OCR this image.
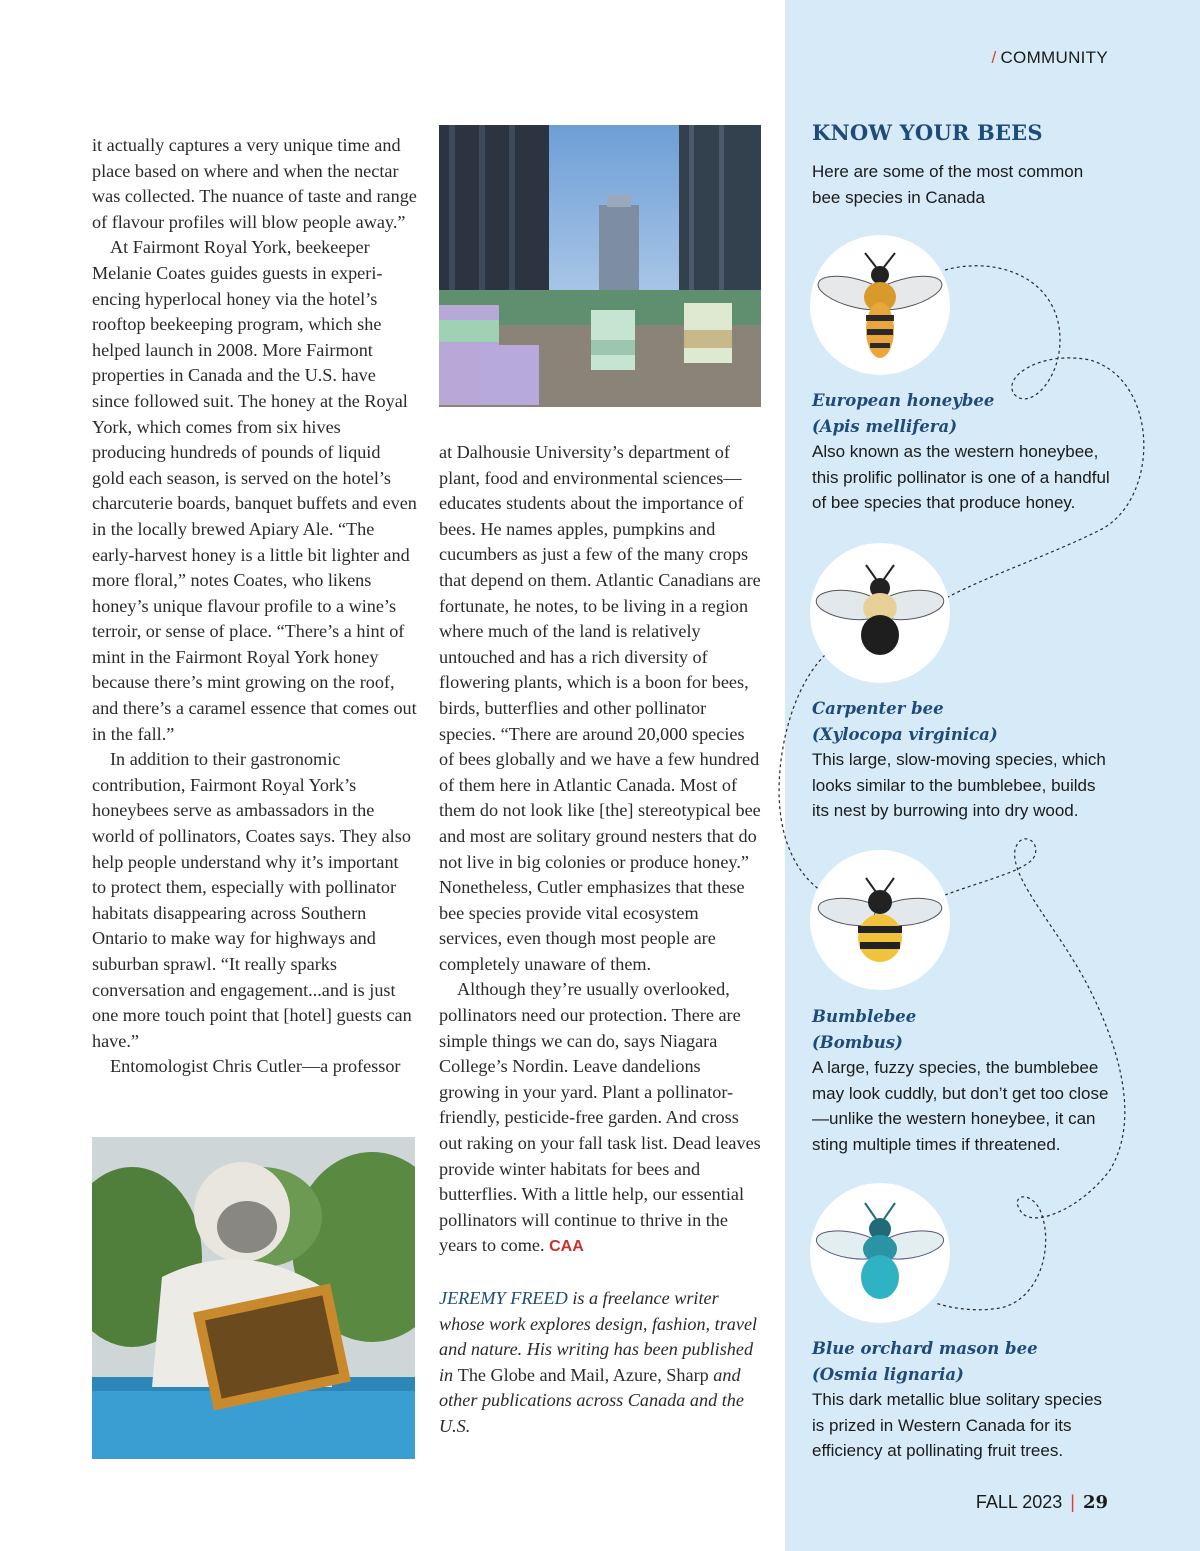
/ COMMUNITY

it actually captures a very unique time and place based on where and when the nectar was collected. The nuance of taste and range of flavour profiles will blow people away.”

At Fairmont Royal York, beekeeper Melanie Coates guides guests in experiencing hyperlocal honey via the hotel’s rooftop beekeeping program, which she helped launch in 2008. More Fairmont properties in Canada and the U.S. have since followed suit. The honey at the Royal York, which comes from six hives producing hundreds of pounds of liquid gold each season, is served on the hotel’s charcuterie boards, banquet buffets and even in the locally brewed Apiary Ale. “The early-harvest honey is a little bit lighter and more floral,” notes Coates, who likens honey’s unique flavour profile to a wine’s terroir, or sense of place. “There’s a hint of mint in the Fairmont Royal York honey because there’s mint growing on the roof, and there’s a caramel essence that comes out in the fall.”

In addition to their gastronomic contribution, Fairmont Royal York’s honeybees serve as ambassadors in the world of pollinators, Coates says. They also help people understand why it’s important to protect them, especially with pollinator habitats disappearing across Southern Ontario to make way for highways and suburban sprawl. “It really sparks conversation and engagement...and is just one more touch point that [hotel] guests can have.”

Entomologist Chris Cutler—a professor

at Dalhousie University’s department of plant, food and environmental sciences—educates students about the importance of bees. He names apples, pumpkins and cucumbers as just a few of the many crops that depend on them. Atlantic Canadians are fortunate, he notes, to be living in a region where much of the land is relatively untouched and has a rich diversity of flowering plants, which is a boon for bees, birds, butterflies and other pollinator species. “There are around 20,000 species of bees globally and we have a few hundred of them here in Atlantic Canada. Most of them do not look like [the] stereotypical bee and most are solitary ground nesters that do not live in big colonies or produce honey.” Nonetheless, Cutler emphasizes that these bee species provide vital ecosystem services, even though most people are completely unaware of them.

Although they’re usually overlooked, pollinators need our protection. There are simple things we can do, says Niagara College’s Nordin. Leave dandelions growing in your yard. Plant a pollinator-friendly, pesticide-free garden. And cross out raking on your fall task list. Dead leaves provide winter habitats for bees and butterflies. With a little help, our essential pollinators will continue to thrive in the years to come. CAA

JEREMY FREED is a freelance writer whose work explores design, fashion, travel and nature. His writing has been published in The Globe and Mail, Azure, Sharp and other publications across Canada and the U.S.

KNOW YOUR BEES
Here are some of the most common bee species in Canada
European honeybee
(Apis mellifera)
Also known as the western honeybee, this prolific pollinator is one of a handful of bee species that produce honey.
Carpenter bee
(Xylocopa virginica)
This large, slow-moving species, which looks similar to the bumblebee, builds its nest by burrowing into dry wood.
Bumblebee
(Bombus)
A large, fuzzy species, the bumblebee may look cuddly, but don’t get too close—unlike the western honeybee, it can sting multiple times if threatened.
Blue orchard mason bee
(Osmia lignaria)
This dark metallic blue solitary species is prized in Western Canada for its efficiency at pollinating fruit trees.
FALL 2023 | 29
